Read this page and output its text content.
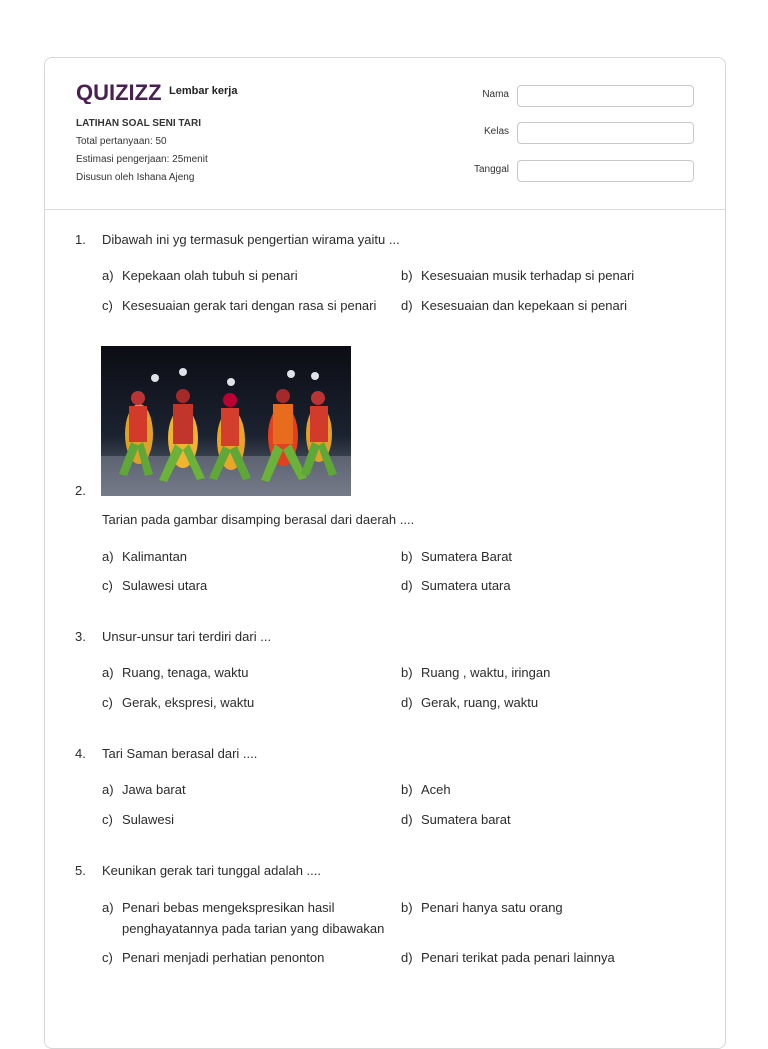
QUIZIZZ Lembar kerja
LATIHAN SOAL SENI TARI
Total pertanyaan: 50
Estimasi pengerjaan: 25menit
Disusun oleh Ishana Ajeng
Nama
Kelas
Tanggal
1. Dibawah ini yg termasuk pengertian wirama yaitu ...
a) Kepekaan olah tubuh si penari	b) Kesesuaian musik terhadap si penari
c) Kesesuaian gerak tari dengan rasa si penari d) Kesesuaian dan kepekaan si penari
2.
Tarian pada gambar disamping berasal dari daerah ....
a) Kalimantan	b) Sumatera Barat
c) Sulawesi utara	d) Sumatera utara
3. Unsur-unsur tari terdiri dari ...
a) Ruang, tenaga, waktu	b) Ruang , waktu, iringan
c) Gerak, ekspresi, waktu	d) Gerak, ruang, waktu
4. Tari Saman berasal dari ....
a) Jawa barat	b) Aceh
c) Sulawesi	d) Sumatera barat
5. Keunikan gerak tari tunggal adalah ....
a) Penari bebas mengekspresikan hasil
penghayatannya pada tarian yang dibawakan
b) Penari hanya satu orang
c) Penari menjadi perhatian penonton	d) Penari terikat pada penari lainnya
